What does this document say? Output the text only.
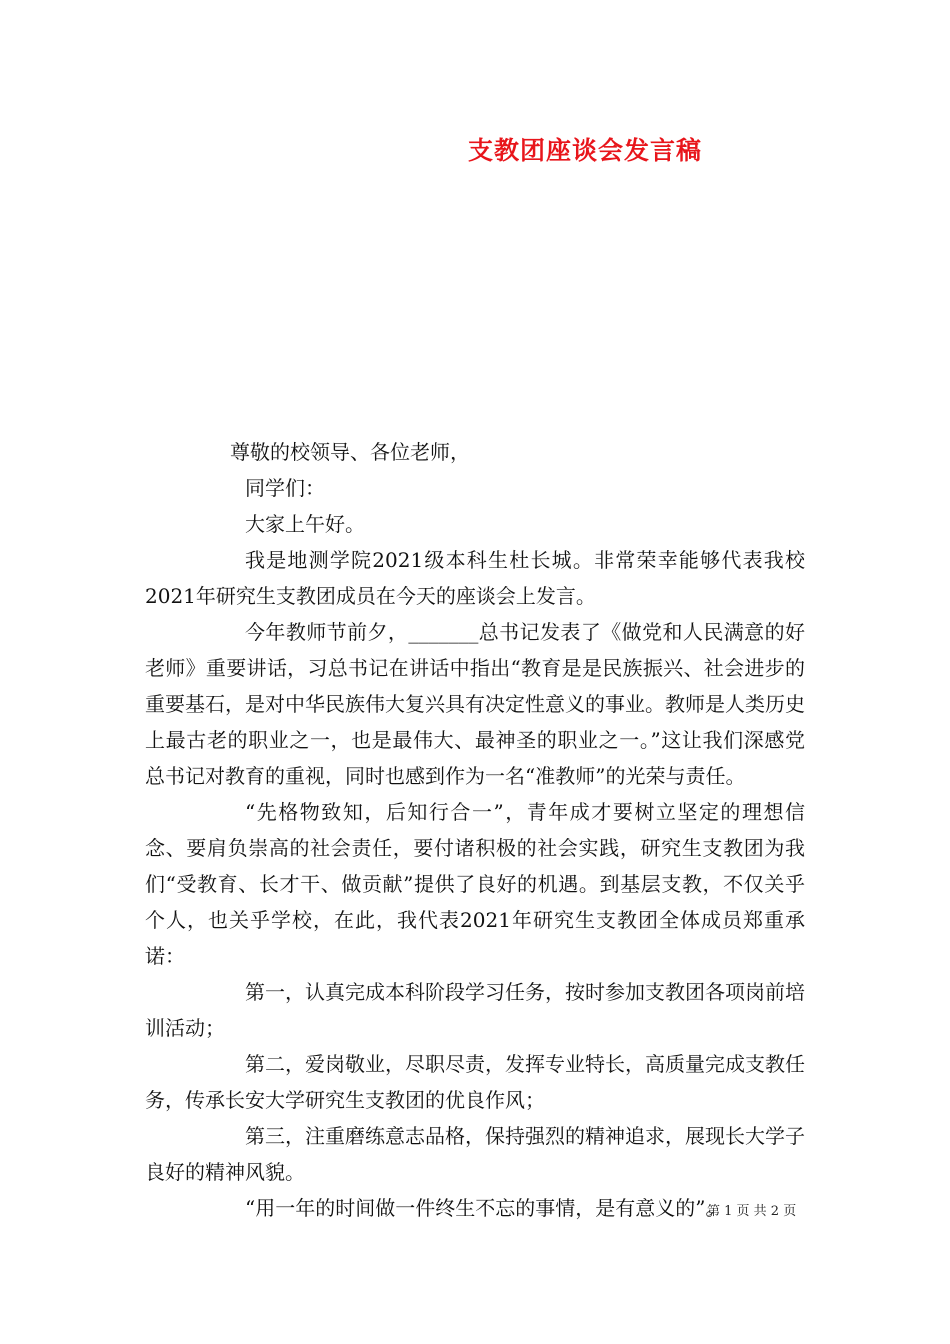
支教团座谈会发言稿

尊敬的校领导、各位老师，

同学们：

大家上午好。

我是地测学院2021级本科生杜长城。非常荣幸能够代表我校2021年研究生支教团成员在今天的座谈会上发言。

今年教师节前夕，_______总书记发表了《做党和人民满意的好老师》重要讲话，习总书记在讲话中指出“教育是是民族振兴、社会进步的重要基石，是对中华民族伟大复兴具有决定性意义的事业。教师是人类历史上最古老的职业之一，也是最伟大、最神圣的职业之一。”这让我们深感党总书记对教育的重视，同时也感到作为一名“准教师”的光荣与责任。

“先格物致知，后知行合一”，青年成才要树立坚定的理想信念、要肩负崇高的社会责任，要付诸积极的社会实践，研究生支教团为我们“受教育、长才干、做贡献”提供了良好的机遇。到基层支教，不仅关乎个人，也关乎学校，在此，我代表2021年研究生支教团全体成员郑重承诺：

第一，认真完成本科阶段学习任务，按时参加支教团各项岗前培训活动；

第二，爱岗敬业，尽职尽责，发挥专业特长，高质量完成支教任务，传承长安大学研究生支教团的优良作风；

第三，注重磨练意志品格，保持强烈的精神追求，展现长大学子良好的精神风貌。

“用一年的时间做一件终生不忘的事情，是有意义的”。

第 1 页 共 2 页
